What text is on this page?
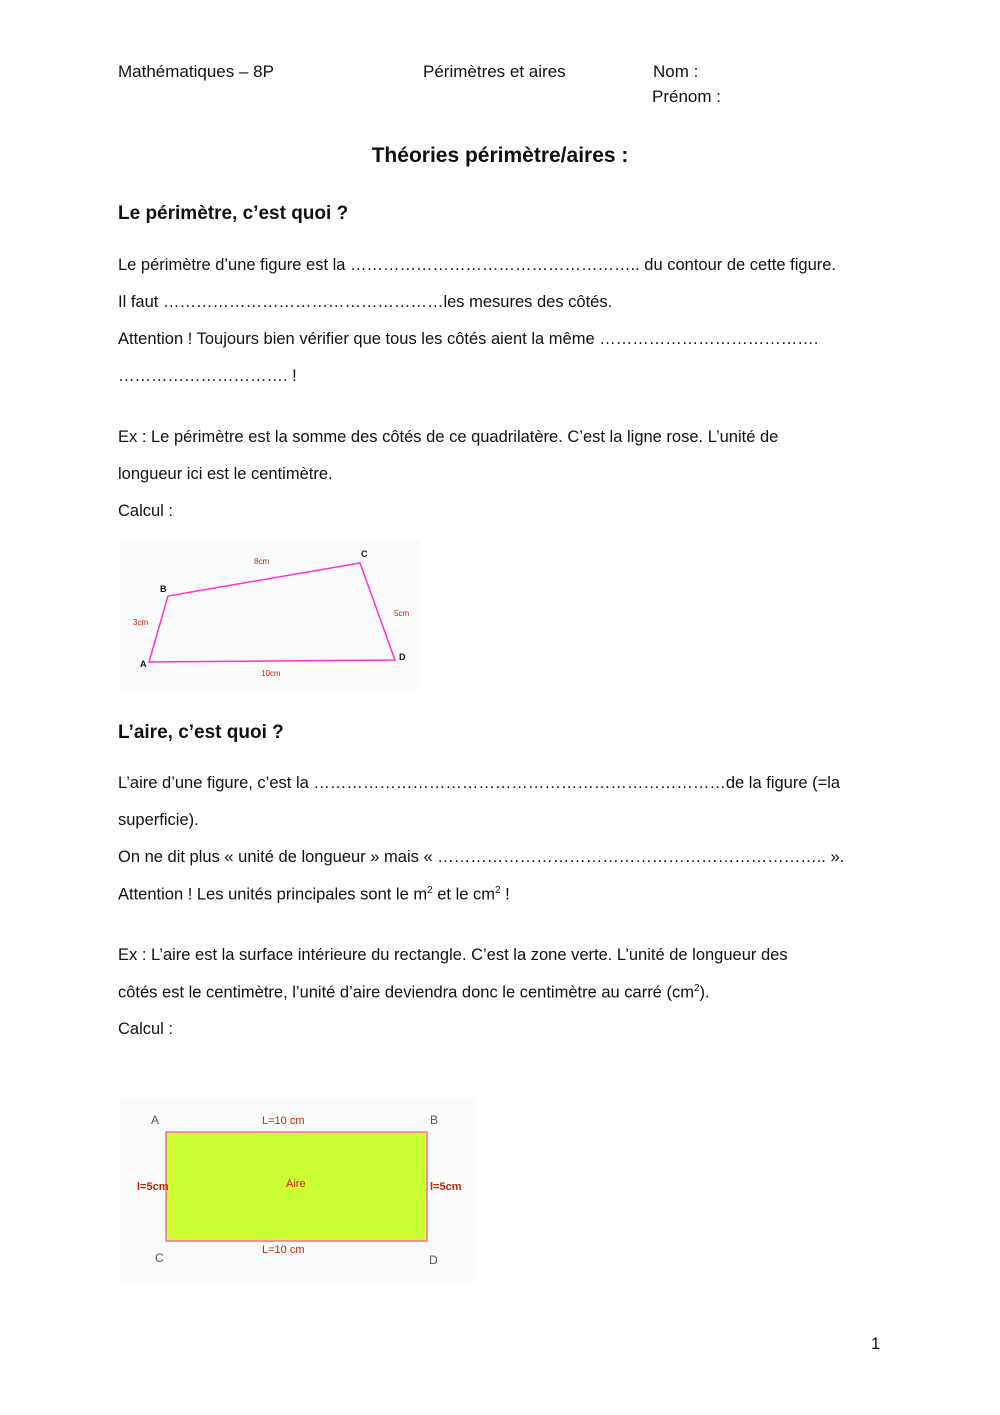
Mathématiques – 8P	Périmètres et aires	Nom :
Prénom :
Théories périmètre/aires :
Le périmètre, c’est quoi ?
Le périmètre d’une figure est la …………………………………………….. du contour de cette figure.
Il faut ……………………………………………les mesures des côtés.
Attention ! Toujours bien vérifier que tous les côtés aient la même ………………………………….
…………………………. !
Ex : Le périmètre est la somme des côtés de ce quadrilatère. C’est la ligne rose. L’unité de
longueur ici est le centimètre.
Calcul :
A
B
C
D
8cm
3cm
5cm
10cm
L’aire, c’est quoi ?
L’aire d’une figure, c’est la …………………………………………………………………de la figure (=la
superficie).
On ne dit plus « unité de longueur » mais « …………………………………………………………….. ».
Attention ! Les unités principales sont le $m^2$ et le $cm^2$ !
Ex : L’aire est la surface intérieure du rectangle. C’est la zone verte. L’unité de longueur des
côtés est le centimètre, l’unité d’aire deviendra donc le centimètre au carré $(cm^2)$.
Calcul :
A	B
C	D
L=10 cm
L=10 cm
l=5cm	l=5cm
Aire
1
